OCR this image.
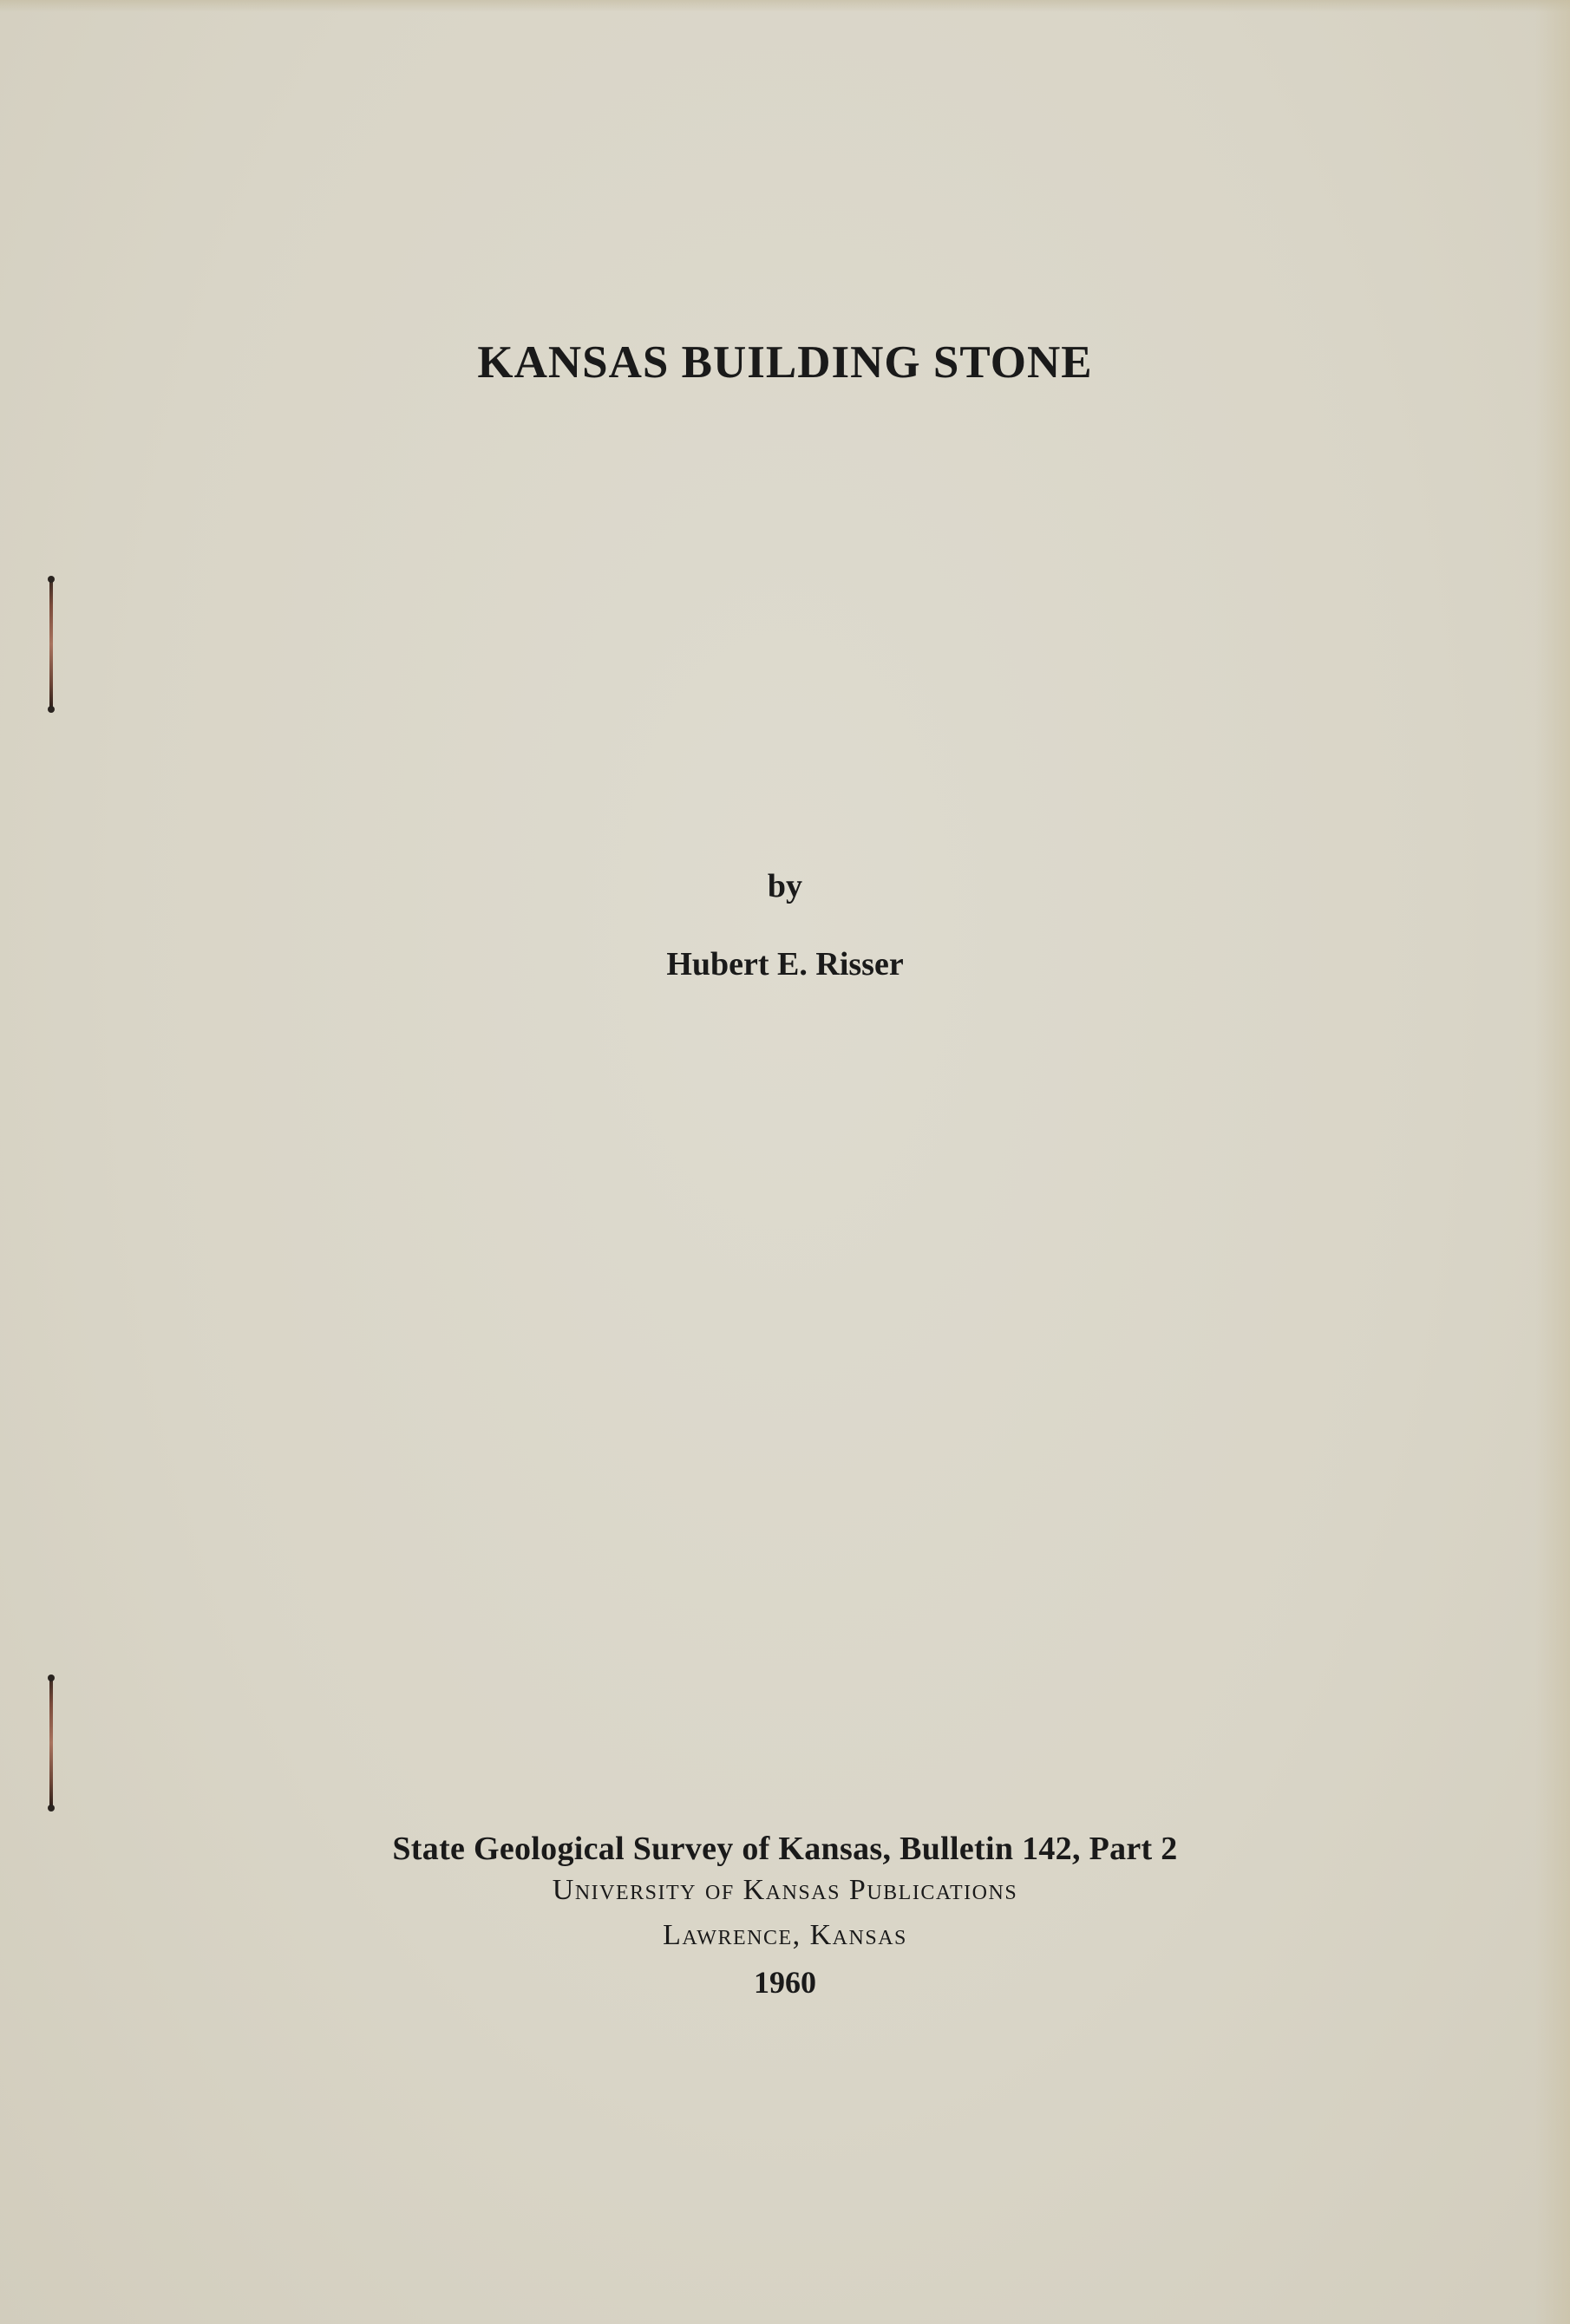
KANSAS BUILDING STONE
by
Hubert E. Risser
State Geological Survey of Kansas, Bulletin 142, Part 2
University of Kansas Publications
Lawrence, Kansas
1960
